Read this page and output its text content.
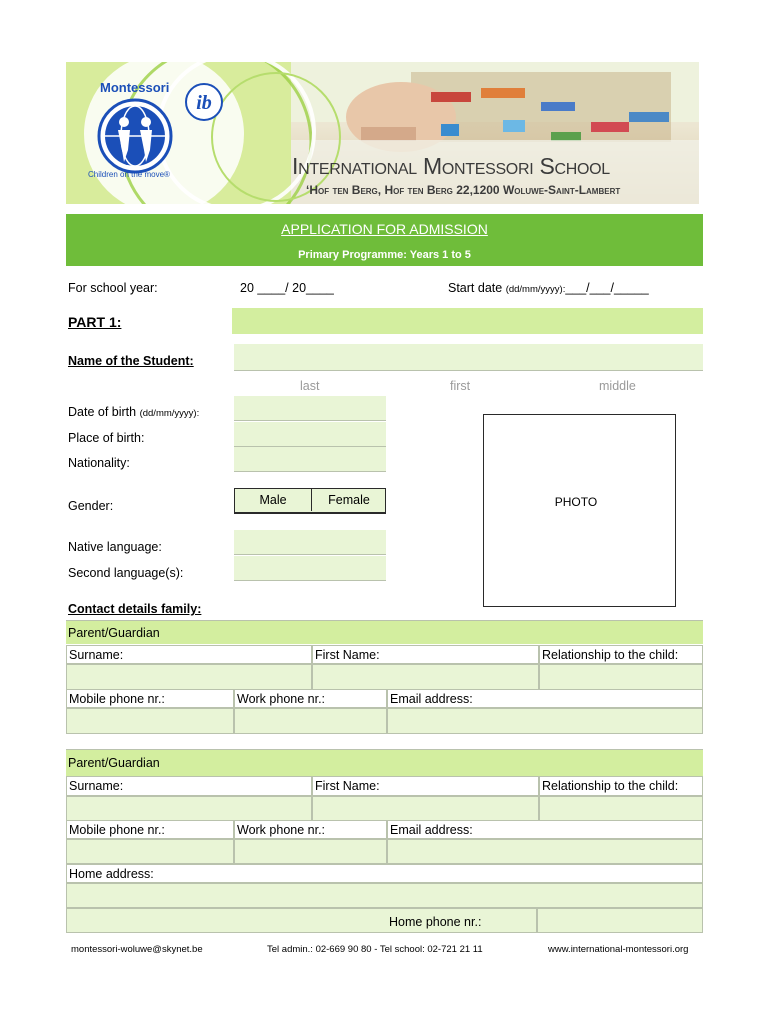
Montessori
Children on the move®
ib
International Montessori School
‘Hof ten Berg, Hof ten Berg 22,1200 Woluwe-Saint-Lambert
APPLICATION FOR ADMISSION
Primary Programme: Years 1 to 5
For school year:	20 ____/ 20____	Start date (dd/mm/yyyy):___/___/_____
PART 1:
Name of the Student:
last	first	middle
Date of birth (dd/mm/yyyy):
Place of birth:
Nationality:
Gender:	Male	Female
Native language:
Second language(s):
PHOTO
Contact details family:
Parent/Guardian
Surname:	First Name:	Relationship to the child:
Mobile phone nr.:	Work phone nr.:	Email address:
Parent/Guardian
Surname:	First Name:	Relationship to the child:
Mobile phone nr.:	Work phone nr.:	Email address:
Home address:
Home phone nr.:
montessori-woluwe@skynet.be	Tel admin.: 02-669 90 80 - Tel school: 02-721 21 11	www.international-montessori.org
